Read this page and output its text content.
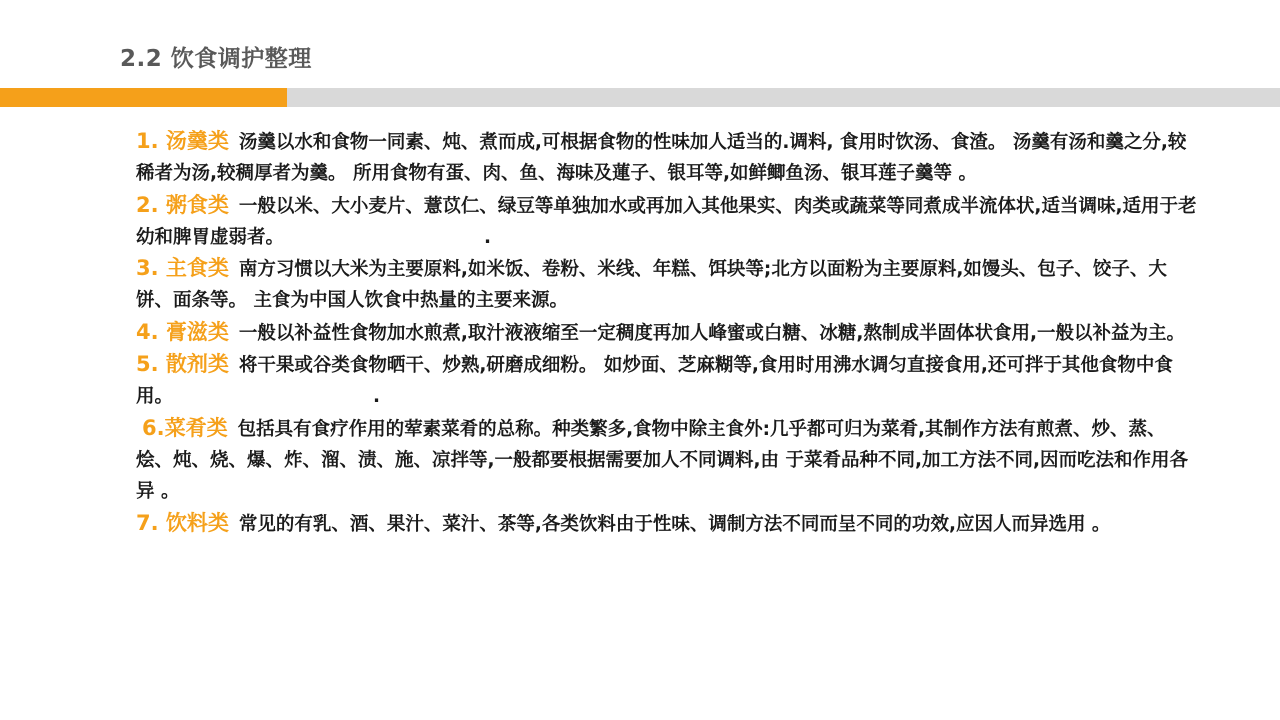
2.2 饮食调护整理

1. 汤羹类 汤羹以水和食物一同素、炖、煮而成,可根据食物的性味加人适当的.调料, 食用时饮汤、食渣。 汤羹有汤和羹之分,较稀者为汤,较稠厚者为羹。 所用食物有蛋、肉、鱼、海味及蓮子、银耳等,如鲜鲫鱼汤、银耳莲子羹等 。

2. 粥食类 一般以米、大小麦片、薏苡仁、绿豆等单独加水或再加入其他果实、肉类或蔬菜等同煮成半流体状,适当调味,适用于老幼和脾胃虚弱者。	.

3. 主食类 南方习惯以大米为主要原料,如米饭、卷粉、米线、年糕、饵块等;北方以面粉为主要原料,如馒头、包子、饺子、大饼、面条等。 主食为中国人饮食中热量的主要来源。

4. 膏滋类 一般以补益性食物加水煎煮,取汁液液缩至一定稠度再加人峰蜜或白糖、冰糖,熬制成半固体状食用,一般以补益为主。

5. 散剂类 将干果或谷类食物晒干、炒熟,研磨成细粉。 如炒面、芝麻糊等,食用时用沸水调匀直接食用,还可拌于其他食物中食用。	.

6.菜肴类 包括具有食疗作用的荤素菜肴的总称。种类繁多,食物中除主食外:几乎都可归为菜肴,其制作方法有煎煮、炒、蒸、烩、炖、烧、爆、炸、溜、渍、施、凉拌等,一般都要根据需要加人不同调料,由 于菜肴品种不同,加工方法不同,因而吃法和作用各异 。

7. 饮料类 常见的有乳、酒、果汁、菜汁、茶等,各类饮料由于性味、调制方法不同而呈不同的功效,应因人而异选用 。
